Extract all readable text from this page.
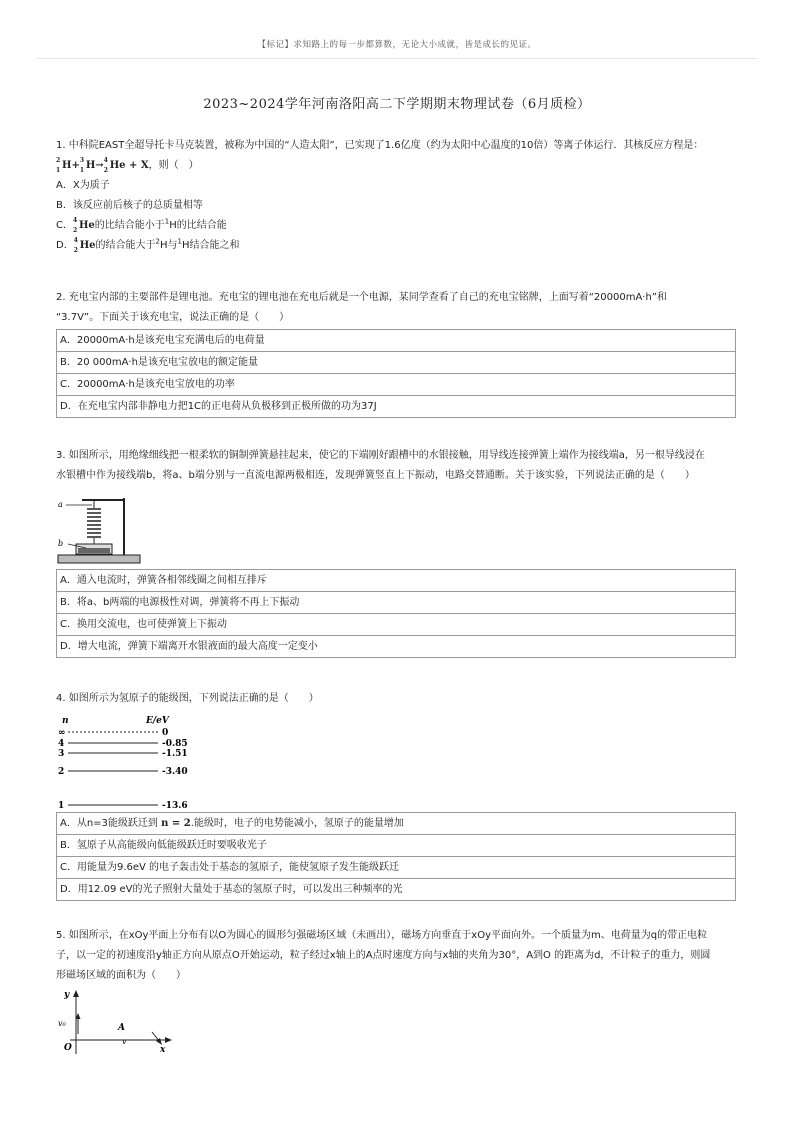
【标记】求知路上的每一步都算数，无论大小成就，皆是成长的见证。
2023~2024学年河南洛阳高二下学期期末物理试卷（6月质检）
1. 中科院EAST全超导托卡马克装置，被称为中国的“人造太阳”，已实现了1.6亿度（约为太阳中心温度的10倍）等离子体运行．其核反应方程是：
2
1 H+ 3
1 H→ 4
2 He + X，则（　）
A．X为质子
B．该反应前后核子的总质量相等
C． 4
2 He的比结合能小于$^1$H的比结合能
D． 4
2 He的结合能大于$^2$H与$^1$H结合能之和
2. 充电宝内部的主要部件是锂电池。充电宝的锂电池在充电后就是一个电源，某同学查看了自己的充电宝铭牌，上面写着“20000mA·h”和
“3.7V”。下面关于该充电宝，说法正确的是（　　）
A．20000mA·h是该充电宝充满电后的电荷量
B．20 000mA·h是该充电宝放电的额定能量
C．20000mA·h是该充电宝放电的功率
D．在充电宝内部非静电力把1C的正电荷从负极移到正极所做的功为37J
3. 如图所示，用绝缘细线把一根柔软的铜制弹簧悬挂起来，使它的下端刚好跟槽中的水银接触，用导线连接弹簧上端作为接线端a，另一根导线浸在
水银槽中作为接线端b，将a、b端分别与一直流电源两极相连，发现弹簧竖直上下振动，电路交替通断。关于该实验，下列说法正确的是（　　）
a
b
A．通入电流时，弹簧各相邻线圈之间相互排斥
B．将a、b两端的电源极性对调，弹簧将不再上下振动
C．换用交流电，也可使弹簧上下振动
D．增大电流，弹簧下端离开水银液面的最大高度一定变小
4. 如图所示为氢原子的能级图，下列说法正确的是（　　）
n	E/eV
∞	0
4	-0.85
3	-1.51
2	-3.40
1	-13.6
A．从n=3能级跃迁到 n = 2.能级时，电子的电势能减小，氢原子的能量增加
B．氢原子从高能级向低能级跃迁时要吸收光子
C．用能量为9.6eV 的电子轰击处于基态的氢原子，能使氢原子发生能级跃迁
D．用12.09 eV的光子照射大量处于基态的氢原子时，可以发出三种频率的光
5. 如图所示，在xOy平面上分布有以O为圆心的圆形匀强磁场区域（未画出），磁场方向垂直于xOy平面向外。一个质量为m、电荷量为q的带正电粒
子，以一定的初速度沿y轴正方向从原点O开始运动，粒子经过x轴上的A点时速度方向与x轴的夹角为30°，A到O 的距离为d，不计粒子的重力，则圆
形磁场区域的面积为（　　）
y
x
O
v₀	A
v
